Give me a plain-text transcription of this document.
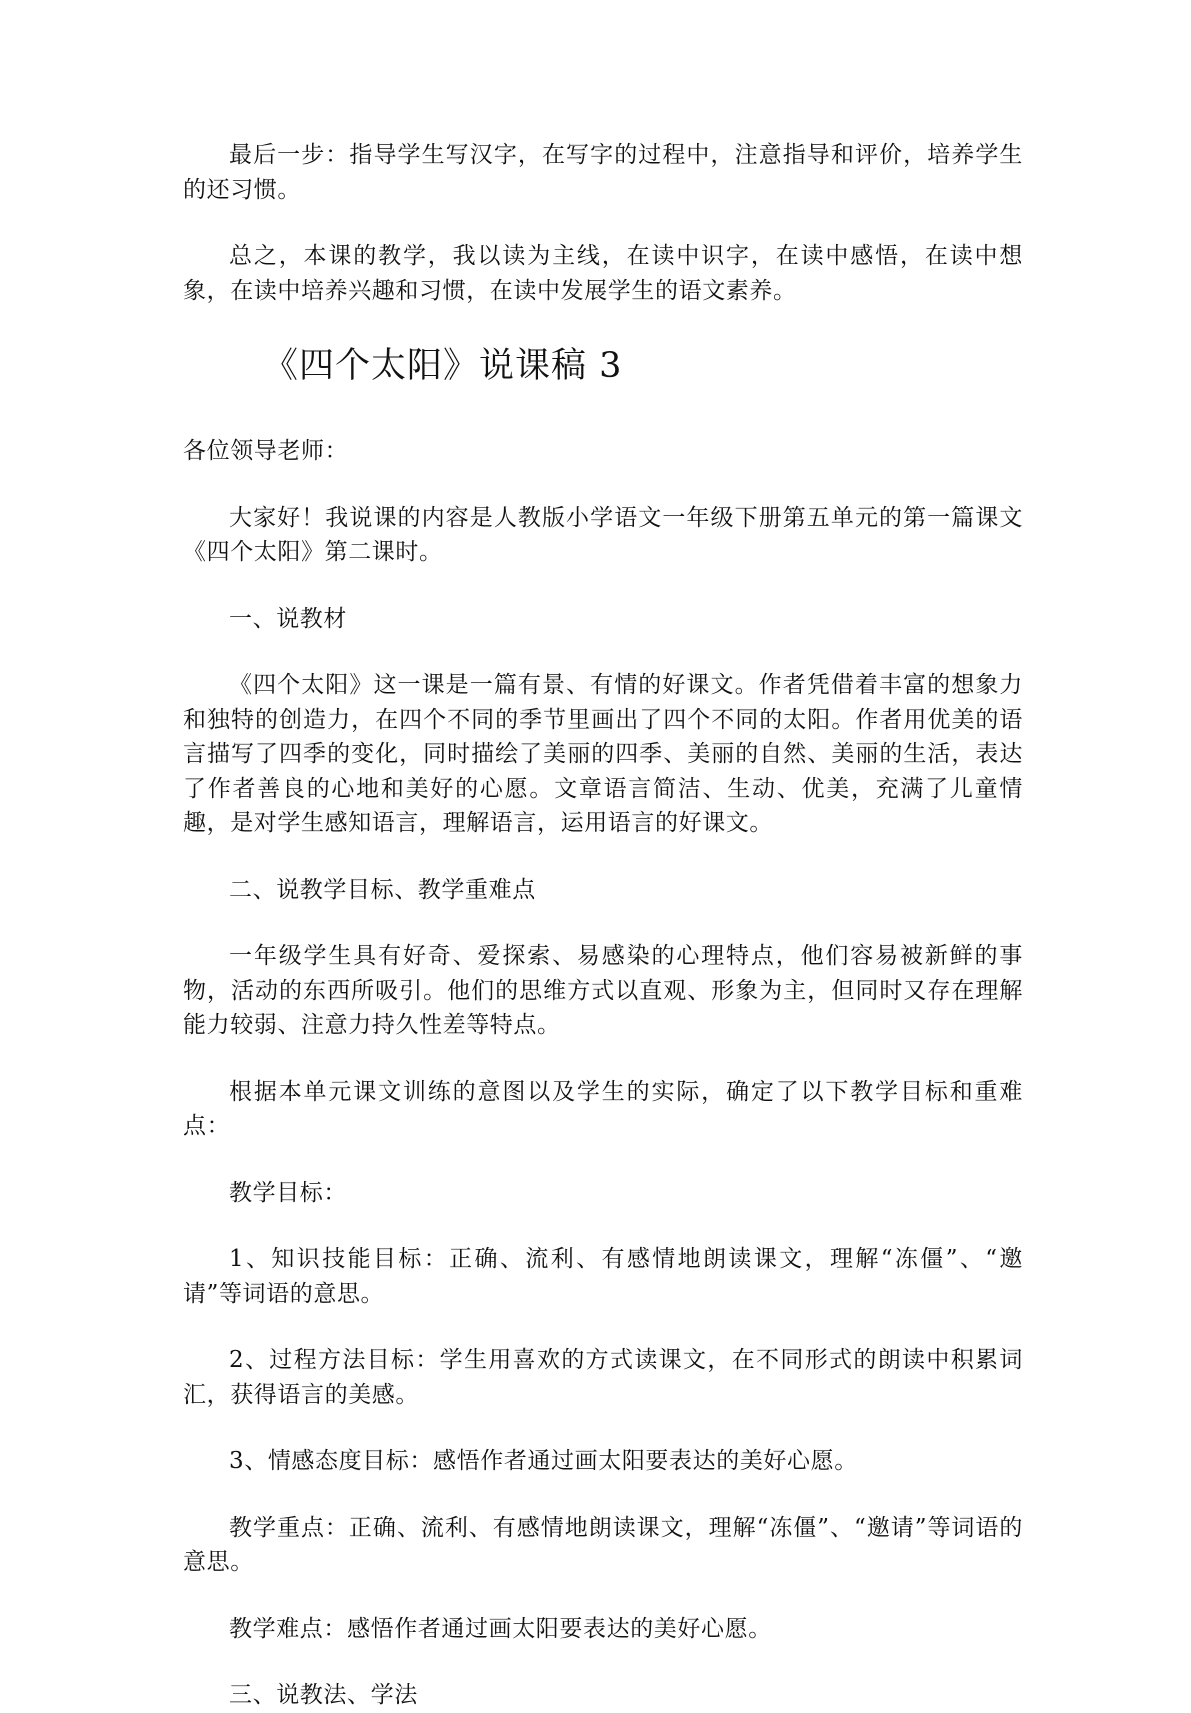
最后一步：指导学生写汉字，在写字的过程中，注意指导和评价，培养学生的还习惯。

总之，本课的教学，我以读为主线，在读中识字，在读中感悟，在读中想象，在读中培养兴趣和习惯，在读中发展学生的语文素养。

《四个太阳》说课稿 3

各位领导老师：

大家好！我说课的内容是人教版小学语文一年级下册第五单元的第一篇课文《四个太阳》第二课时。

一、说教材

《四个太阳》这一课是一篇有景、有情的好课文。作者凭借着丰富的想象力和独特的创造力，在四个不同的季节里画出了四个不同的太阳。作者用优美的语言描写了四季的变化，同时描绘了美丽的四季、美丽的自然、美丽的生活，表达了作者善良的心地和美好的心愿。文章语言简洁、生动、优美，充满了儿童情趣，是对学生感知语言，理解语言，运用语言的好课文。

二、说教学目标、教学重难点

一年级学生具有好奇、爱探索、易感染的心理特点，他们容易被新鲜的事物，活动的东西所吸引。他们的思维方式以直观、形象为主，但同时又存在理解能力较弱、注意力持久性差等特点。

根据本单元课文训练的意图以及学生的实际，确定了以下教学目标和重难点：

教学目标：

1、知识技能目标：正确、流利、有感情地朗读课文，理解“冻僵”、“邀请”等词语的意思。

2、过程方法目标：学生用喜欢的方式读课文，在不同形式的朗读中积累词汇，获得语言的美感。

3、情感态度目标：感悟作者通过画太阳要表达的美好心愿。

教学重点：正确、流利、有感情地朗读课文，理解“冻僵”、“邀请”等词语的意思。

教学难点：感悟作者通过画太阳要表达的美好心愿。

三、说教法、学法
